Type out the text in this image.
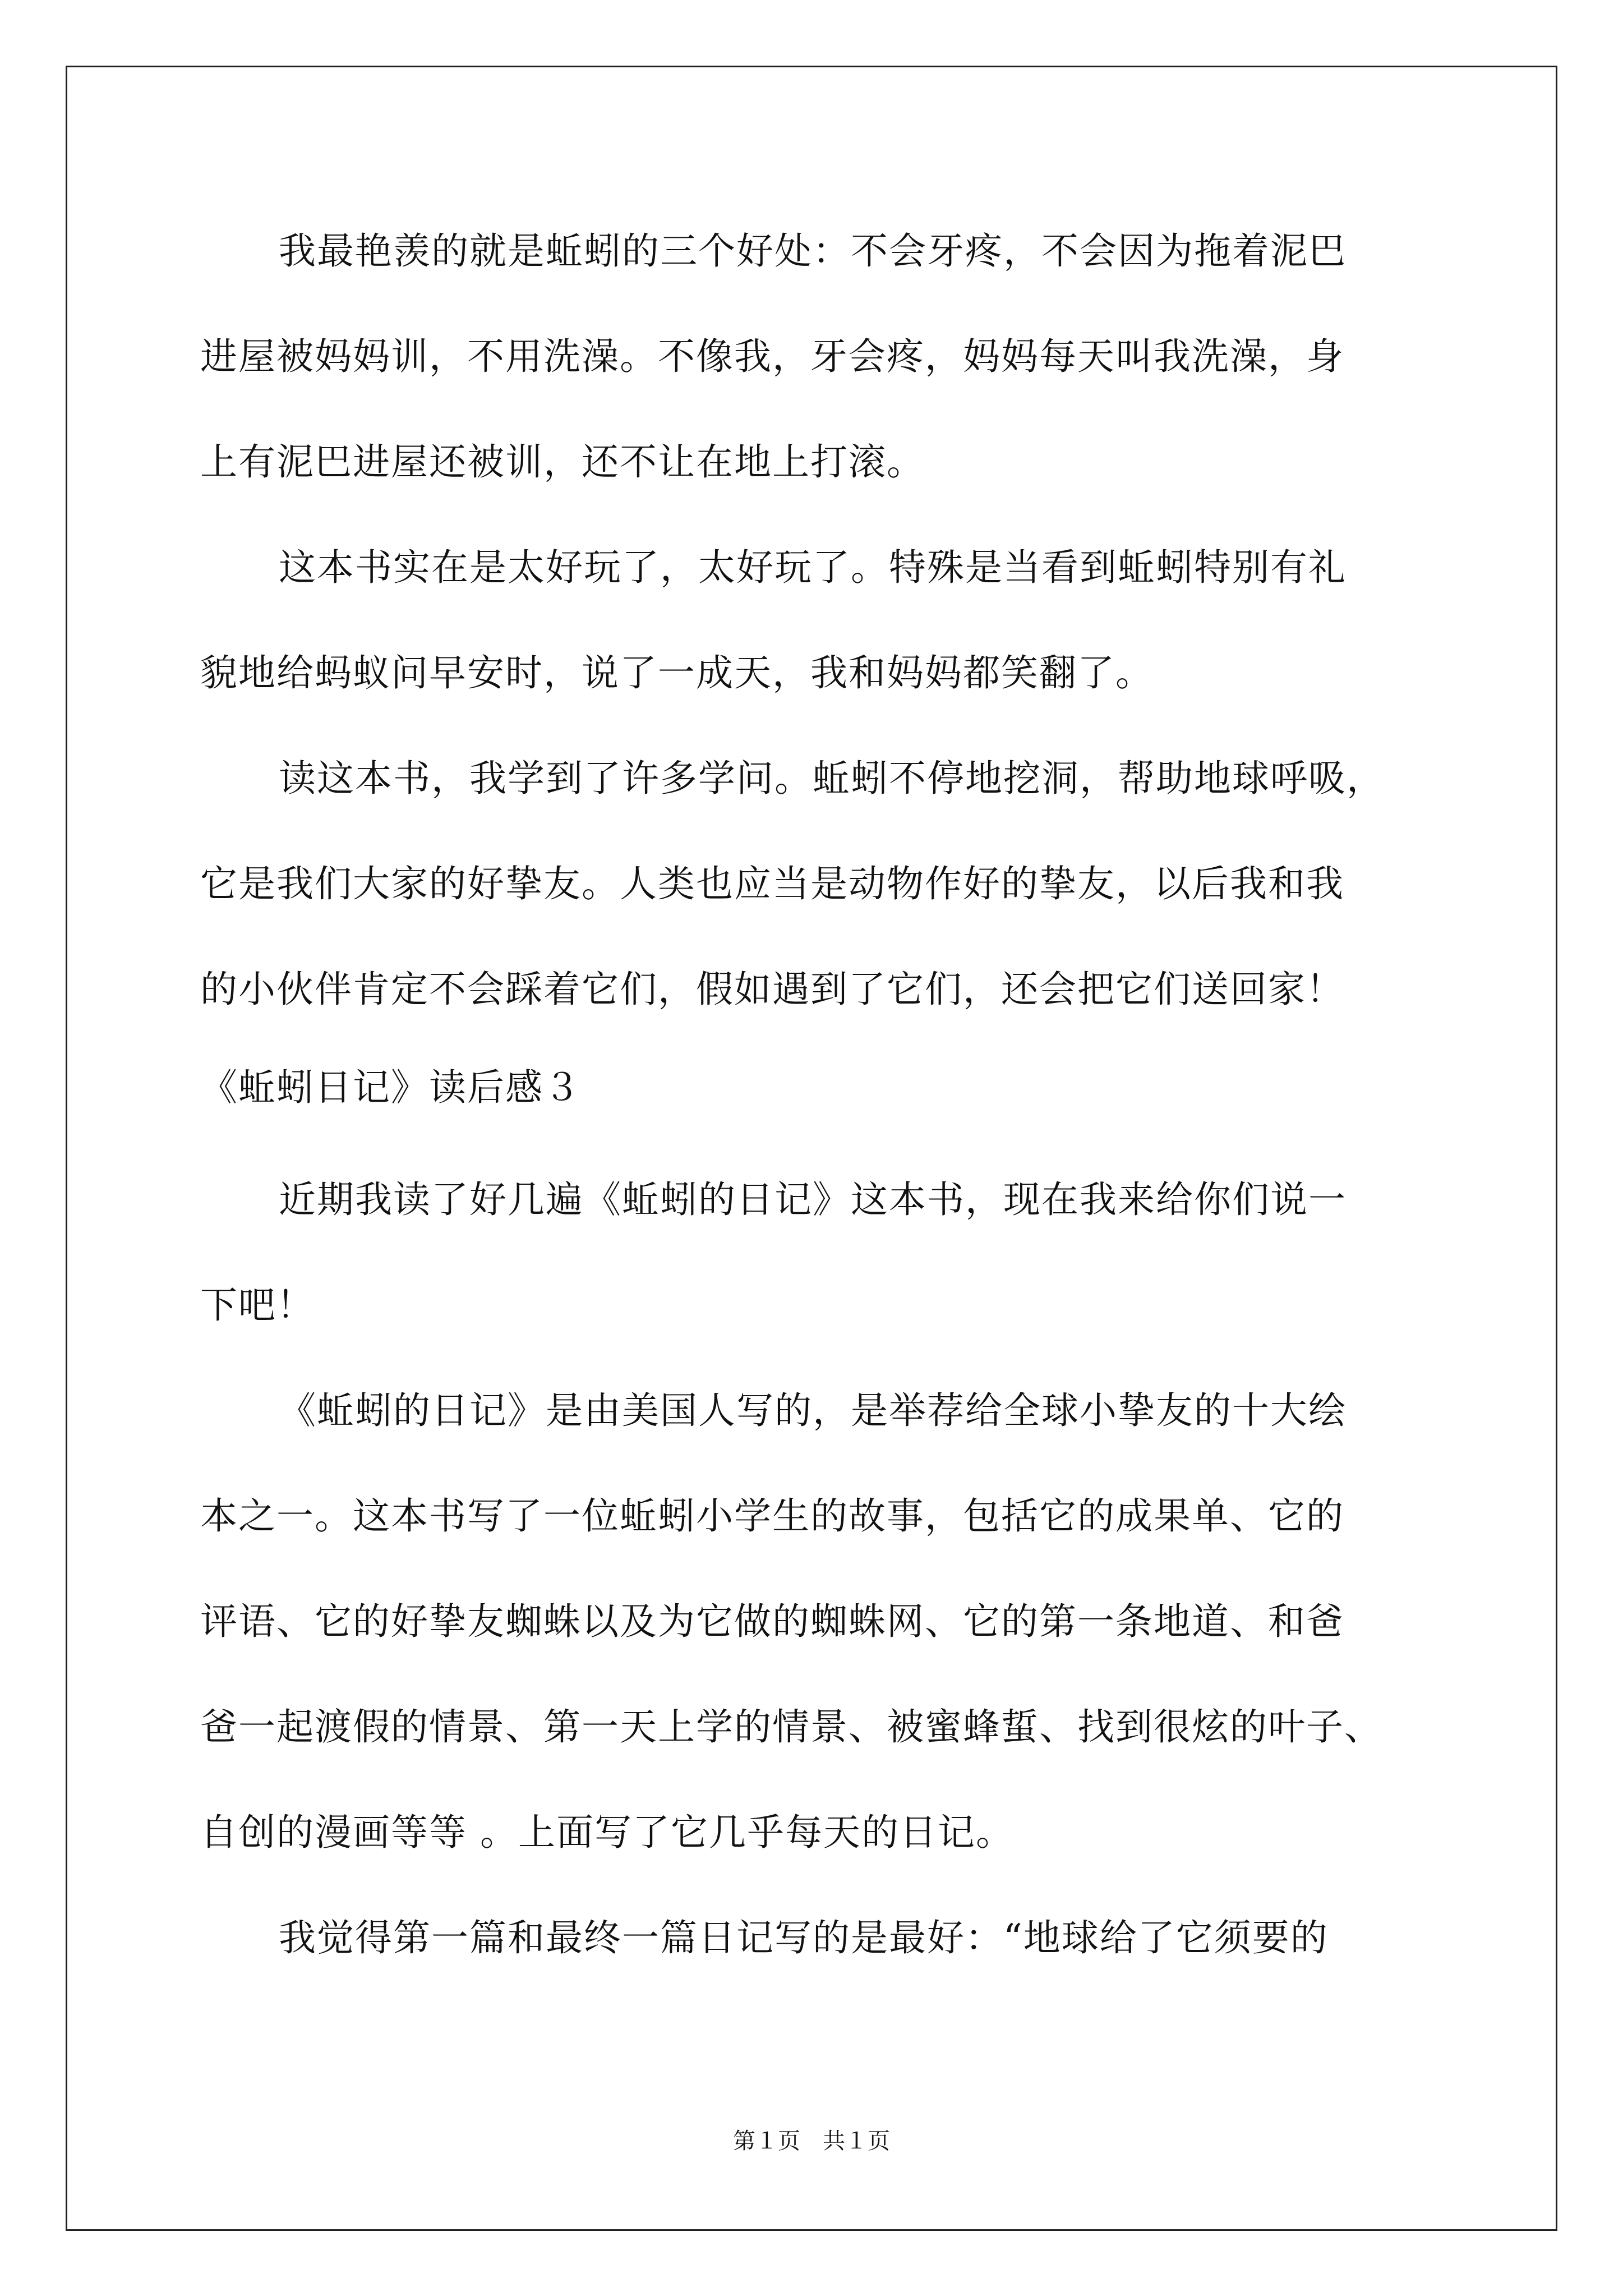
我最艳羡的就是蚯蚓的三个好处：不会牙疼，不会因为拖着泥巴
进屋被妈妈训，不用洗澡。不像我，牙会疼，妈妈每天叫我洗澡，身
上有泥巴进屋还被训，还不让在地上打滚。
这本书实在是太好玩了，太好玩了。特殊是当看到蚯蚓特别有礼
貌地给蚂蚁问早安时，说了一成天，我和妈妈都笑翻了。
读这本书，我学到了许多学问。蚯蚓不停地挖洞，帮助地球呼吸，
它是我们大家的好挚友。人类也应当是动物作好的挚友，以后我和我
的小伙伴肯定不会踩着它们，假如遇到了它们，还会把它们送回家！
《蚯蚓日记》读后感３
近期我读了好几遍《蚯蚓的日记》这本书，现在我来给你们说一
下吧！
《蚯蚓的日记》是由美国人写的，是举荐给全球小挚友的十大绘
本之一。这本书写了一位蚯蚓小学生的故事，包括它的成果单、它的
评语、它的好挚友蜘蛛以及为它做的蜘蛛网、它的第一条地道、和爸
爸一起渡假的情景、第一天上学的情景、被蜜蜂蜇、找到很炫的叶子、
自创的漫画等等 。上面写了它几乎每天的日记。
我觉得第一篇和最终一篇日记写的是最好：“地球给了它须要的
第１页　共１页
